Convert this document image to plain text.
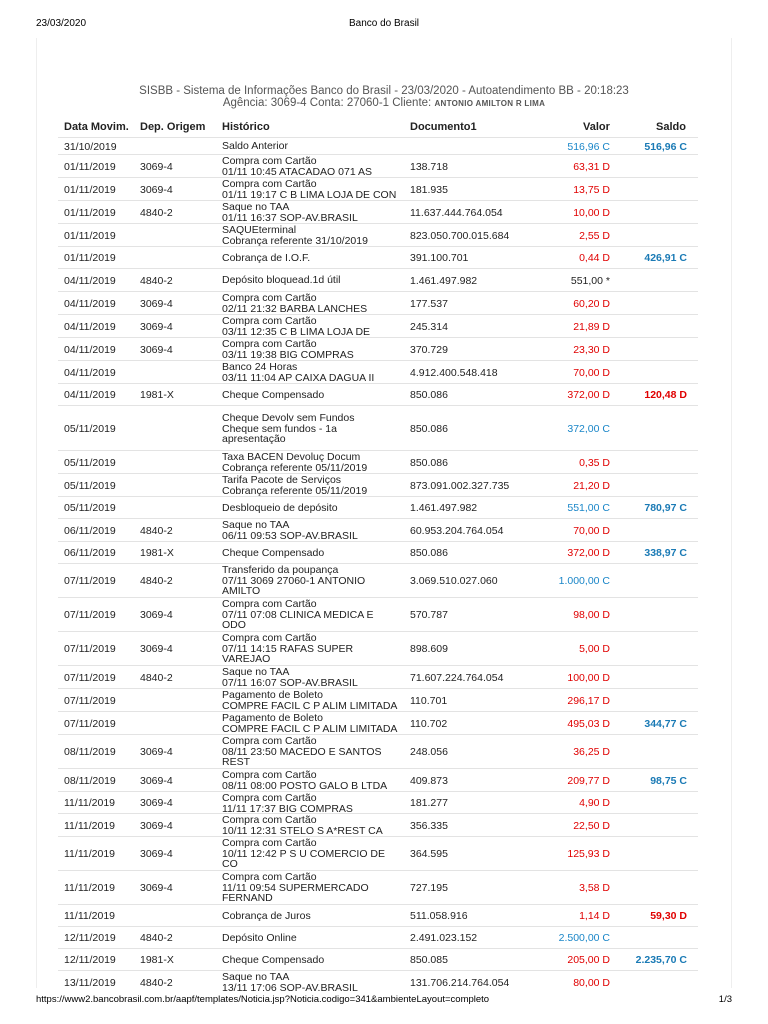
23/03/2020	Banco do Brasil
SISBB - Sistema de Informações Banco do Brasil - 23/03/2020 - Autoatendimento BB - 20:18:23
Agência: 3069-4 Conta: 27060-1 Cliente: ANTONIO AMILTON R LIMA
Data Movim. Dep. Origem Histórico	Documento1	Valor	Saldo
31/10/2019	Saldo Anterior	516,96 C	516,96 C
01/11/2019 3069-4	Compra com Cartão
01/11 10:45 ATACADAO 071 AS	138.718	63,31 D
01/11/2019 3069-4	Compra com Cartão
01/11 19:17 C B LIMA LOJA DE CON 181.935	13,75 D
01/11/2019 4840-2	Saque no TAA
01/11 16:37 SOP-AV.BRASIL	11.637.444.764.054	10,00 D
01/11/2019	SAQUEterminal
Cobrança referente 31/10/2019	823.050.700.015.684	2,55 D
01/11/2019	Cobrança de I.O.F.	391.100.701	0,44 D	426,91 C
04/11/2019 4840-2	Depósito bloquead.1d útil	1.461.497.982	551,00 *
04/11/2019 3069-4	Compra com Cartão
02/11 21:32 BARBA LANCHES	177.537	60,20 D
04/11/2019 3069-4	Compra com Cartão
03/11 12:35 C B LIMA LOJA DE	245.314	21,89 D
04/11/2019 3069-4	Compra com Cartão
03/11 19:38 BIG COMPRAS	370.729	23,30 D
04/11/2019	Banco 24 Horas
03/11 11:04 AP CAIXA DAGUA II	4.912.400.548.418	70,00 D
04/11/2019 1981-X	Cheque Compensado	850.086	372,00 D	120,48 D
05/11/2019
Cheque Devolv sem Fundos
Cheque sem fundos - 1a
apresentação
850.086	372,00 C
05/11/2019	Taxa BACEN Devoluç Docum
Cobrança referente 05/11/2019	850.086	0,35 D
05/11/2019	Tarifa Pacote de Serviços
Cobrança referente 05/11/2019	873.091.002.327.735	21,20 D
05/11/2019	Desbloqueio de depósito	1.461.497.982	551,00 C	780,97 C
06/11/2019 4840-2	Saque no TAA
06/11 09:53 SOP-AV.BRASIL	60.953.204.764.054	70,00 D
06/11/2019 1981-X	Cheque Compensado	850.086	372,00 D	338,97 C
07/11/2019 4840-2
Transferido da poupança
07/11 3069 27060-1 ANTONIO
AMILTO
3.069.510.027.060	1.000,00 C
07/11/2019 3069-4
Compra com Cartão
07/11 07:08 CLINICA MEDICA E
ODO
570.787	98,00 D
07/11/2019 3069-4
Compra com Cartão
07/11 14:15 RAFAS SUPER
VAREJAO
898.609	5,00 D
07/11/2019 4840-2	Saque no TAA
07/11 16:07 SOP-AV.BRASIL	71.607.224.764.054	100,00 D
07/11/2019	Pagamento de Boleto
COMPRE FACIL C P ALIM LIMITADA 110.701	296,17 D
07/11/2019	Pagamento de Boleto
COMPRE FACIL C P ALIM LIMITADA 110.702	495,03 D	344,77 C
08/11/2019 3069-4
Compra com Cartão
08/11 23:50 MACEDO E SANTOS
REST
248.056	36,25 D
08/11/2019 3069-4	Compra com Cartão
08/11 08:00 POSTO GALO B LTDA 409.873	209,77 D	98,75 C
11/11/2019 3069-4	Compra com Cartão
11/11 17:37 BIG COMPRAS	181.277	4,90 D
11/11/2019 3069-4	Compra com Cartão
10/11 12:31 STELO S A*REST CA	356.335	22,50 D
11/11/2019 3069-4
Compra com Cartão
10/11 12:42 P S U COMERCIO DE
CO
364.595	125,93 D
11/11/2019 3069-4
Compra com Cartão
11/11 09:54 SUPERMERCADO
FERNAND
727.195	3,58 D
11/11/2019	Cobrança de Juros	511.058.916	1,14 D	59,30 D
12/11/2019 4840-2	Depósito Online	2.491.023.152	2.500,00 C
12/11/2019 1981-X	Cheque Compensado	850.085	205,00 D 2.235,70 C
13/11/2019 4840-2	Saque no TAA
13/11 17:06 SOP-AV.BRASIL	131.706.214.764.054	80,00 D
https://www2.bancobrasil.com.br/aapf/templates/Noticia.jsp?Noticia.codigo=341&ambienteLayout=completo	1/3
